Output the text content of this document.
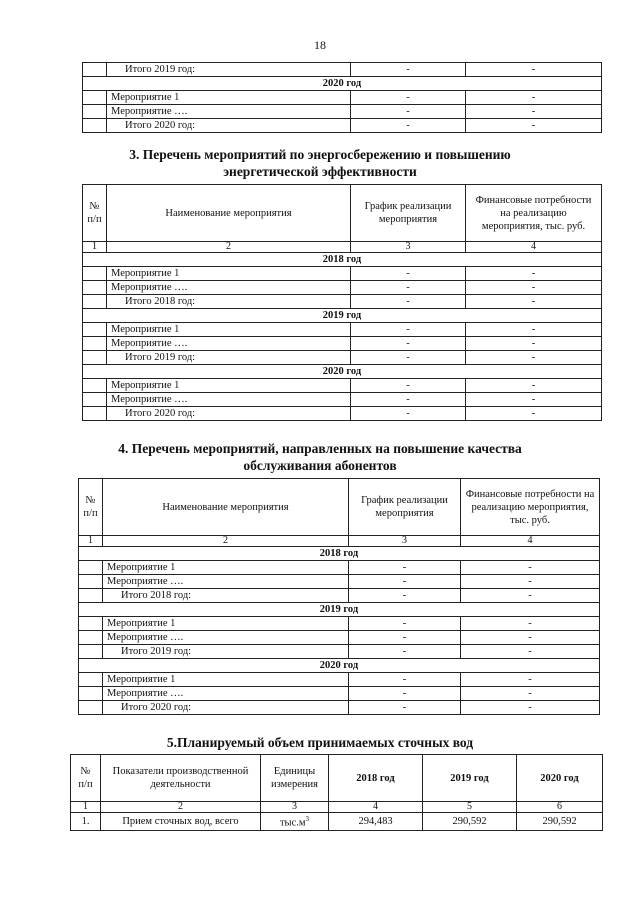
18
	Итого 2019 год:	-	-
2020 год			
	Мероприятие 1	-	-
	Мероприятие ….	-	-
	Итого 2020 год:	-	-
3. Перечень мероприятий по энергосбережению и повышению
энергетической эффективности
№ п/п	Наименование мероприятия	График реализации мероприятия	Финансовые потребности на реализацию мероприятия, тыс. руб.
1	2	3	4
2018 год			
	Мероприятие 1	-	-
	Мероприятие ….	-	-
	Итого 2018 год:	-	-
2019 год			
	Мероприятие 1	-	-
	Мероприятие ….	-	-
	Итого 2019 год:	-	-
2020 год			
	Мероприятие 1	-	-
	Мероприятие ….	-	-
	Итого 2020 год:	-	-
4. Перечень мероприятий, направленных на повышение качества
обслуживания абонентов
№ п/п	Наименование мероприятия	График реализации мероприятия	Финансовые потребности на реализацию мероприятия, тыс. руб.
1	2	3	4
2018 год			
	Мероприятие 1	-	-
	Мероприятие ….	-	-
	Итого 2018 год:	-	-
2019 год			
	Мероприятие 1	-	-
	Мероприятие ….	-	-
	Итого 2019 год:	-	-
2020 год			
	Мероприятие 1	-	-
	Мероприятие ….	-	-
	Итого 2020 год:	-	-
5.Планируемый объем принимаемых сточных вод
№ п/п	Показатели производственной деятельности	Единицы измерения	2018 год	2019 год	2020 год
1	2	3	4	5	6
1.	Прием сточных вод, всего	$тыс.м^3$	294,483	290,592	290,592
